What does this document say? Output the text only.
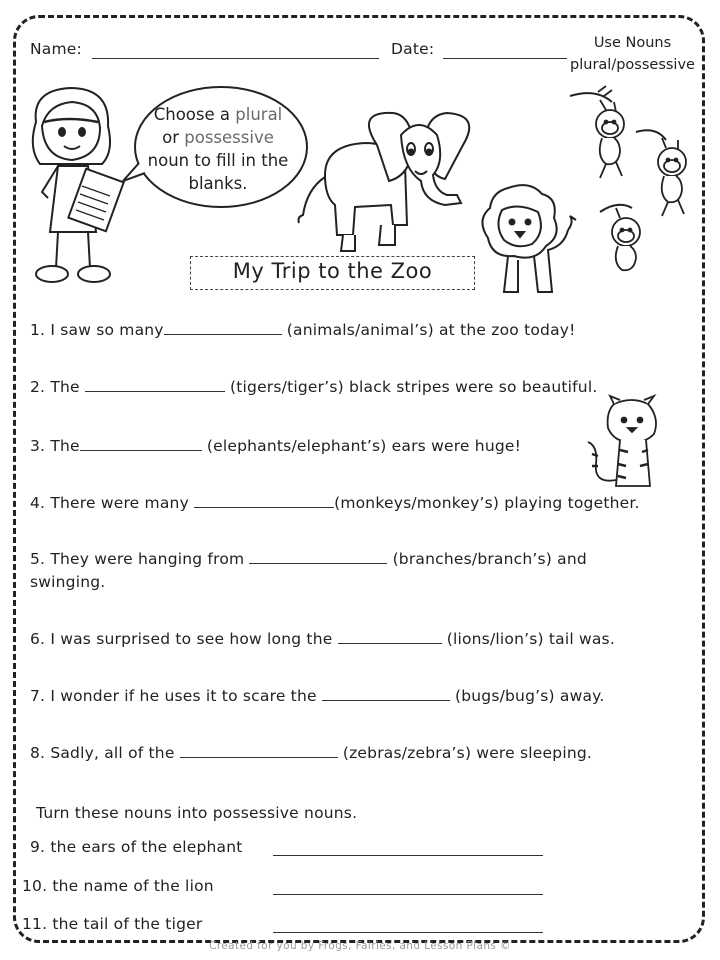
Name:	Date:	Use Nouns
plural/possessive
Choose a plural
or possessive
noun to fill in the
blanks.
My Trip to the Zoo
1. I saw so many	(animals/animal’s) at the zoo today!
2. The	(tigers/tiger’s) black stripes were so beautiful.
3. The	(elephants/elephant’s) ears were huge!
4. There were many	(monkeys/monkey’s) playing together.
5. They were hanging from	(branches/branch’s) and
swinging.
6. I was surprised to see how long the	(lions/lion’s) tail was.
7. I wonder if he uses it to scare the	(bugs/bug’s) away.
8. Sadly, all of the	(zebras/zebra’s) were sleeping.
Turn these nouns into possessive nouns.
9. the ears of the elephant
10. the name of the lion
11. the tail of the tiger
Created for you by Frogs, Fairies, and Lesson Plans ©
